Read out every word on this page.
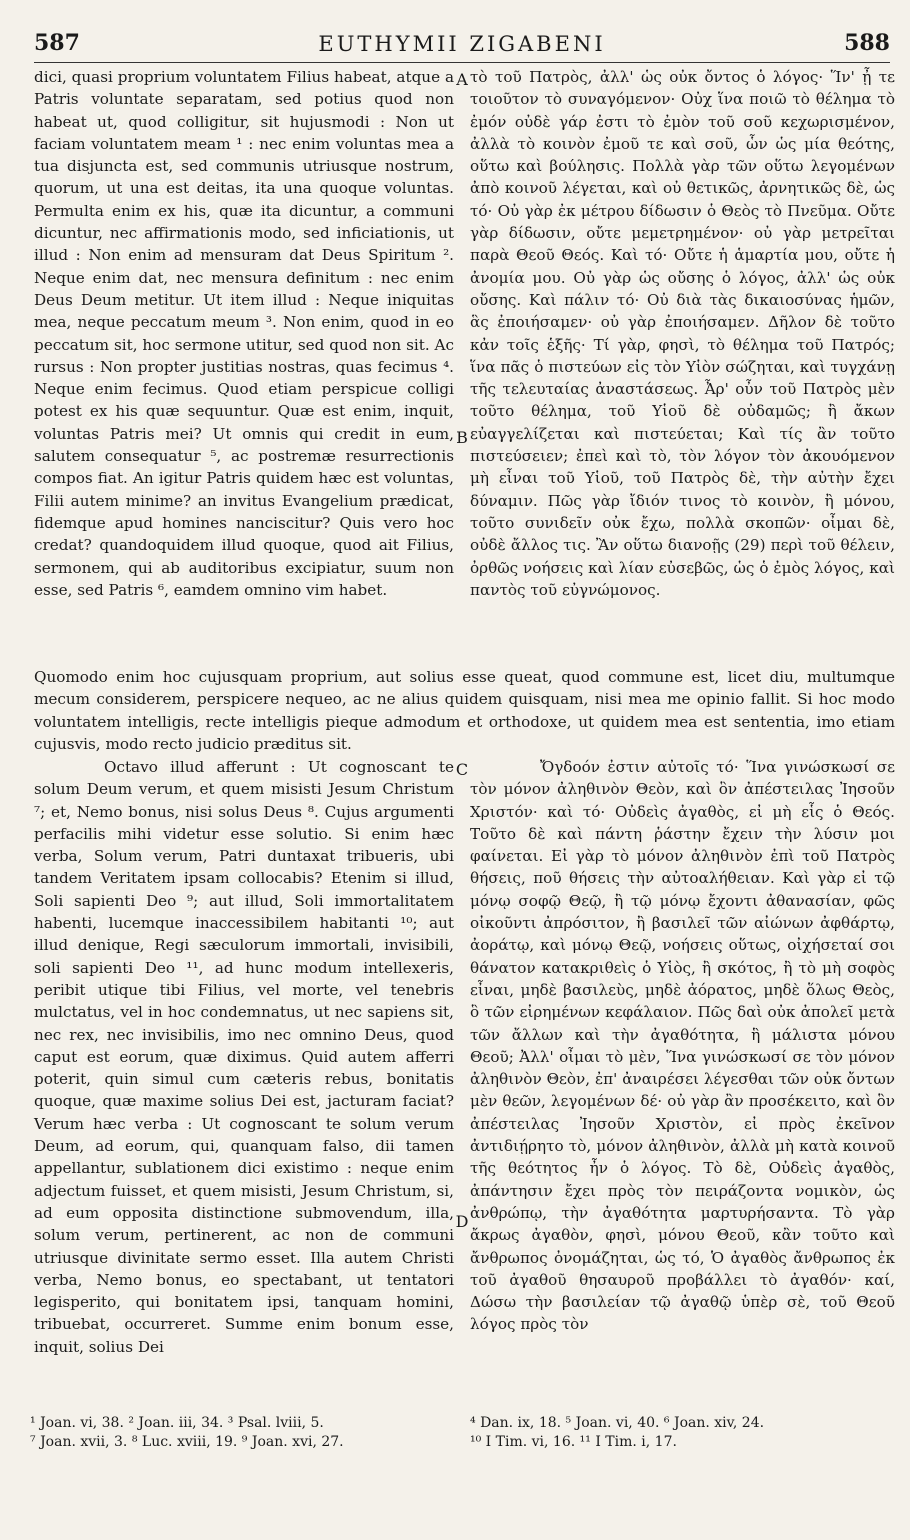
587	EUTHYMII ZIGABENI	588

dici, quasi proprium voluntatem Filius habeat, atque a Patris voluntate separatam, sed potius quod non habeat ut, quod colligitur, sit hujusmodi : Non ut faciam voluntatem meam ¹ : nec enim voluntas mea a tua disjuncta est, sed communis utriusque nostrum, quorum, ut una est deitas, ita una quoque voluntas. Permulta enim ex his, quæ ita dicuntur, a communi dicuntur, nec affirmationis modo, sed inficiationis, ut illud : Non enim ad mensuram dat Deus Spiritum ². Neque enim dat, nec mensura definitum : nec enim Deus Deum metitur. Ut item illud : Neque iniquitas mea, neque peccatum meum ³. Non enim, quod in eo peccatum sit, hoc sermone utitur, sed quod non sit. Ac rursus : Non propter justitias nostras, quas fecimus ⁴. Neque enim fecimus. Quod etiam perspicue colligi potest ex his quæ sequuntur. Quæ est enim, inquit, voluntas Patris mei? Ut omnis qui credit in eum, salutem consequatur ⁵, ac postremæ resurrectionis compos fiat. An igitur Patris quidem hæc est voluntas, Filii autem minime? an invitus Evangelium prædicat, fidemque apud homines nanciscitur? Quis vero hoc credat? quandoquidem illud quoque, quod ait Filius, sermonem, qui ab auditoribus excipiatur, suum non esse, sed Patris ⁶, eamdem omnino vim habet.

τὸ τοῦ Πατρὸς, ἀλλ' ὡς οὐκ ὄντος ὁ λόγος· Ἵν' ᾖ τε τοιοῦτον τὸ συναγόμενον· Οὐχ ἵνα ποιῶ τὸ θέλημα τὸ ἐμόν οὐδὲ γάρ ἐστι τὸ ἐμὸν τοῦ σοῦ κεχωρισμένον, ἀλλὰ τὸ κοινὸν ἐμοῦ τε καὶ σοῦ, ὧν ὡς μία θεότης, οὕτω καὶ βούλησις. Πολλὰ γὰρ τῶν οὕτω λεγομένων ἀπὸ κοινοῦ λέγεται, καὶ οὐ θετικῶς, ἀρνητικῶς δὲ, ὡς τό· Οὐ γὰρ ἐκ μέτρου δίδωσιν ὁ Θεὸς τὸ Πνεῦμα. Οὔτε γὰρ δίδωσιν, οὔτε μεμετρημένον· οὐ γὰρ μετρεῖται παρὰ Θεοῦ Θεός. Καὶ τό· Οὔτε ἡ ἁμαρτία μου, οὔτε ἡ ἀνομία μου. Οὐ γὰρ ὡς οὔσης ὁ λόγος, ἀλλ' ὡς οὐκ οὔσης. Καὶ πάλιν τό· Οὐ διὰ τὰς δικαιοσύνας ἡμῶν, ἃς ἐποιήσαμεν· οὐ γὰρ ἐποιήσαμεν. Δῆλον δὲ τοῦτο κἀν τοῖς ἑξῆς· Τί γὰρ, φησὶ, τὸ θέλημα τοῦ Πατρός; ἵνα πᾶς ὁ πιστεύων εἰς τὸν Υἱὸν σώζηται, καὶ τυγχάνῃ τῆς τελευταίας ἀναστάσεως. Ἆρ' οὖν τοῦ Πατρὸς μὲν τοῦτο θέλημα, τοῦ Υἱοῦ δὲ οὐδαμῶς; ἢ ἄκων εὐαγγελίζεται καὶ πιστεύεται; Καὶ τίς ἂν τοῦτο πιστεύσειεν; ἐπεὶ καὶ τὸ, τὸν λόγον τὸν ἀκουόμενον μὴ εἶναι τοῦ Υἱοῦ, τοῦ Πατρὸς δὲ, τὴν αὐτὴν ἔχει δύναμιν. Πῶς γὰρ ἴδιόν τινος τὸ κοινὸν, ἢ μόνου, τοῦτο συνιδεῖν οὐκ ἔχω, πολλὰ σκοπῶν· οἶμαι δὲ, οὐδὲ ἄλλος τις. Ἂν οὕτω διανοῇς (29) περὶ τοῦ θέλειν, ὀρθῶς νοήσεις καὶ λίαν εὐσεβῶς, ὡς ὁ ἐμὸς λόγος, καὶ παντὸς τοῦ εὐγνώμονος.

A
B
C
D

Quomodo enim hoc cujusquam proprium, aut solius esse queat, quod commune est, licet diu, multumque mecum considerem, perspicere nequeo, ac ne alius quidem quisquam, nisi mea me opinio fallit. Si hoc modo voluntatem intelligis, recte intelligis pieque admodum et orthodoxe, ut quidem mea est sententia, imo etiam cujusvis, modo recto judicio præditus sit.

Octavo illud afferunt : Ut cognoscant te solum Deum verum, et quem misisti Jesum Christum ⁷; et, Nemo bonus, nisi solus Deus ⁸. Cujus argumenti perfacilis mihi videtur esse solutio. Si enim hæc verba, Solum verum, Patri duntaxat tribueris, ubi tandem Veritatem ipsam collocabis? Etenim si illud, Soli sapienti Deo ⁹; aut illud, Soli immortalitatem habenti, lucemque inaccessibilem habitanti ¹⁰; aut illud denique, Regi sæculorum immortali, invisibili, soli sapienti Deo ¹¹, ad hunc modum intellexeris, peribit utique tibi Filius, vel morte, vel tenebris mulctatus, vel in hoc condemnatus, ut nec sapiens sit, nec rex, nec invisibilis, imo nec omnino Deus, quod caput est eorum, quæ diximus. Quid autem afferri poterit, quin simul cum cæteris rebus, bonitatis quoque, quæ maxime solius Dei est, jacturam faciat? Verum hæc verba : Ut cognoscant te solum verum Deum, ad eorum, qui, quanquam falso, dii tamen appellantur, sublationem dici existimo : neque enim adjectum fuisset, et quem misisti, Jesum Christum, si, ad eum opposita distinctione submovendum, illa, solum verum, pertinerent, ac non de communi utriusque divinitate sermo esset. Illa autem Christi verba, Nemo bonus, eo spectabant, ut tentatori legisperito, qui bonitatem ipsi, tanquam homini, tribuebat, occurreret. Summe enim bonum esse, inquit, solius Dei

Ὄγδοόν ἐστιν αὐτοῖς τό· Ἵνα γινώσκωσί σε τὸν μόνον ἀληθινὸν Θεὸν, καὶ ὃν ἀπέστειλας Ἰησοῦν Χριστόν· καὶ τό· Οὐδεὶς ἀγαθὸς, εἰ μὴ εἷς ὁ Θεός. Τοῦτο δὲ καὶ πάντη ῥάστην ἔχειν τὴν λύσιν μοι φαίνεται. Εἰ γὰρ τὸ μόνον ἀληθινὸν ἐπὶ τοῦ Πατρὸς θήσεις, ποῦ θήσεις τὴν αὐτοαλήθειαν. Καὶ γὰρ εἰ τῷ μόνῳ σοφῷ Θεῷ, ἢ τῷ μόνῳ ἔχοντι ἀθανασίαν, φῶς οἰκοῦντι ἀπρόσιτον, ἢ βασιλεῖ τῶν αἰώνων ἀφθάρτῳ, ἀοράτῳ, καὶ μόνῳ Θεῷ, νοήσεις οὕτως, οἰχήσεταί σοι θάνατον κατακριθεὶς ὁ Υἱὸς, ἢ σκότος, ἢ τὸ μὴ σοφὸς εἶναι, μηδὲ βασιλεὺς, μηδὲ ἀόρατος, μηδὲ ὅλως Θεὸς, ὃ τῶν εἰρημένων κεφάλαιον. Πῶς δαὶ οὐκ ἀπολεῖ μετὰ τῶν ἄλλων καὶ τὴν ἀγαθότητα, ἣ μάλιστα μόνου Θεοῦ; Ἀλλ' οἶμαι τὸ μὲν, Ἵνα γινώσκωσί σε τὸν μόνον ἀληθινὸν Θεὸν, ἐπ' ἀναιρέσει λέγεσθαι τῶν οὐκ ὄντων μὲν θεῶν, λεγομένων δέ· οὐ γὰρ ἂν προσέκειτο, καὶ ὃν ἀπέστειλας Ἰησοῦν Χριστὸν, εἰ πρὸς ἐκεῖνον ἀντιδιῄρητο τὸ, μόνον ἀληθινὸν, ἀλλὰ μὴ κατὰ κοινοῦ τῆς θεότητος ἦν ὁ λόγος. Τὸ δὲ, Οὐδεὶς ἀγαθὸς, ἀπάντησιν ἔχει πρὸς τὸν πειράζοντα νομικὸν, ὡς ἀνθρώπῳ, τὴν ἀγαθότητα μαρτυρήσαντα. Τὸ γὰρ ἄκρως ἀγαθὸν, φησὶ, μόνου Θεοῦ, κἂν τοῦτο καὶ ἄνθρωπος ὀνομάζηται, ὡς τό, Ὁ ἀγαθὸς ἄνθρωπος ἐκ τοῦ ἀγαθοῦ θησαυροῦ προβάλλει τὸ ἀγαθόν· καί, Δώσω τὴν βασιλείαν τῷ ἀγαθῷ ὑπὲρ σὲ, τοῦ Θεοῦ λόγος πρὸς τὸν

¹ Joan. vi, 38. ² Joan. iii, 34. ³ Psal. lviii, 5.	⁴ Dan. ix, 18. ⁵ Joan. vi, 40. ⁶ Joan. xiv, 24.
⁷ Joan. xvii, 3. ⁸ Luc. xviii, 19. ⁹ Joan. xvi, 27.	¹⁰ I Tim. vi, 16. ¹¹ I Tim. i, 17.
